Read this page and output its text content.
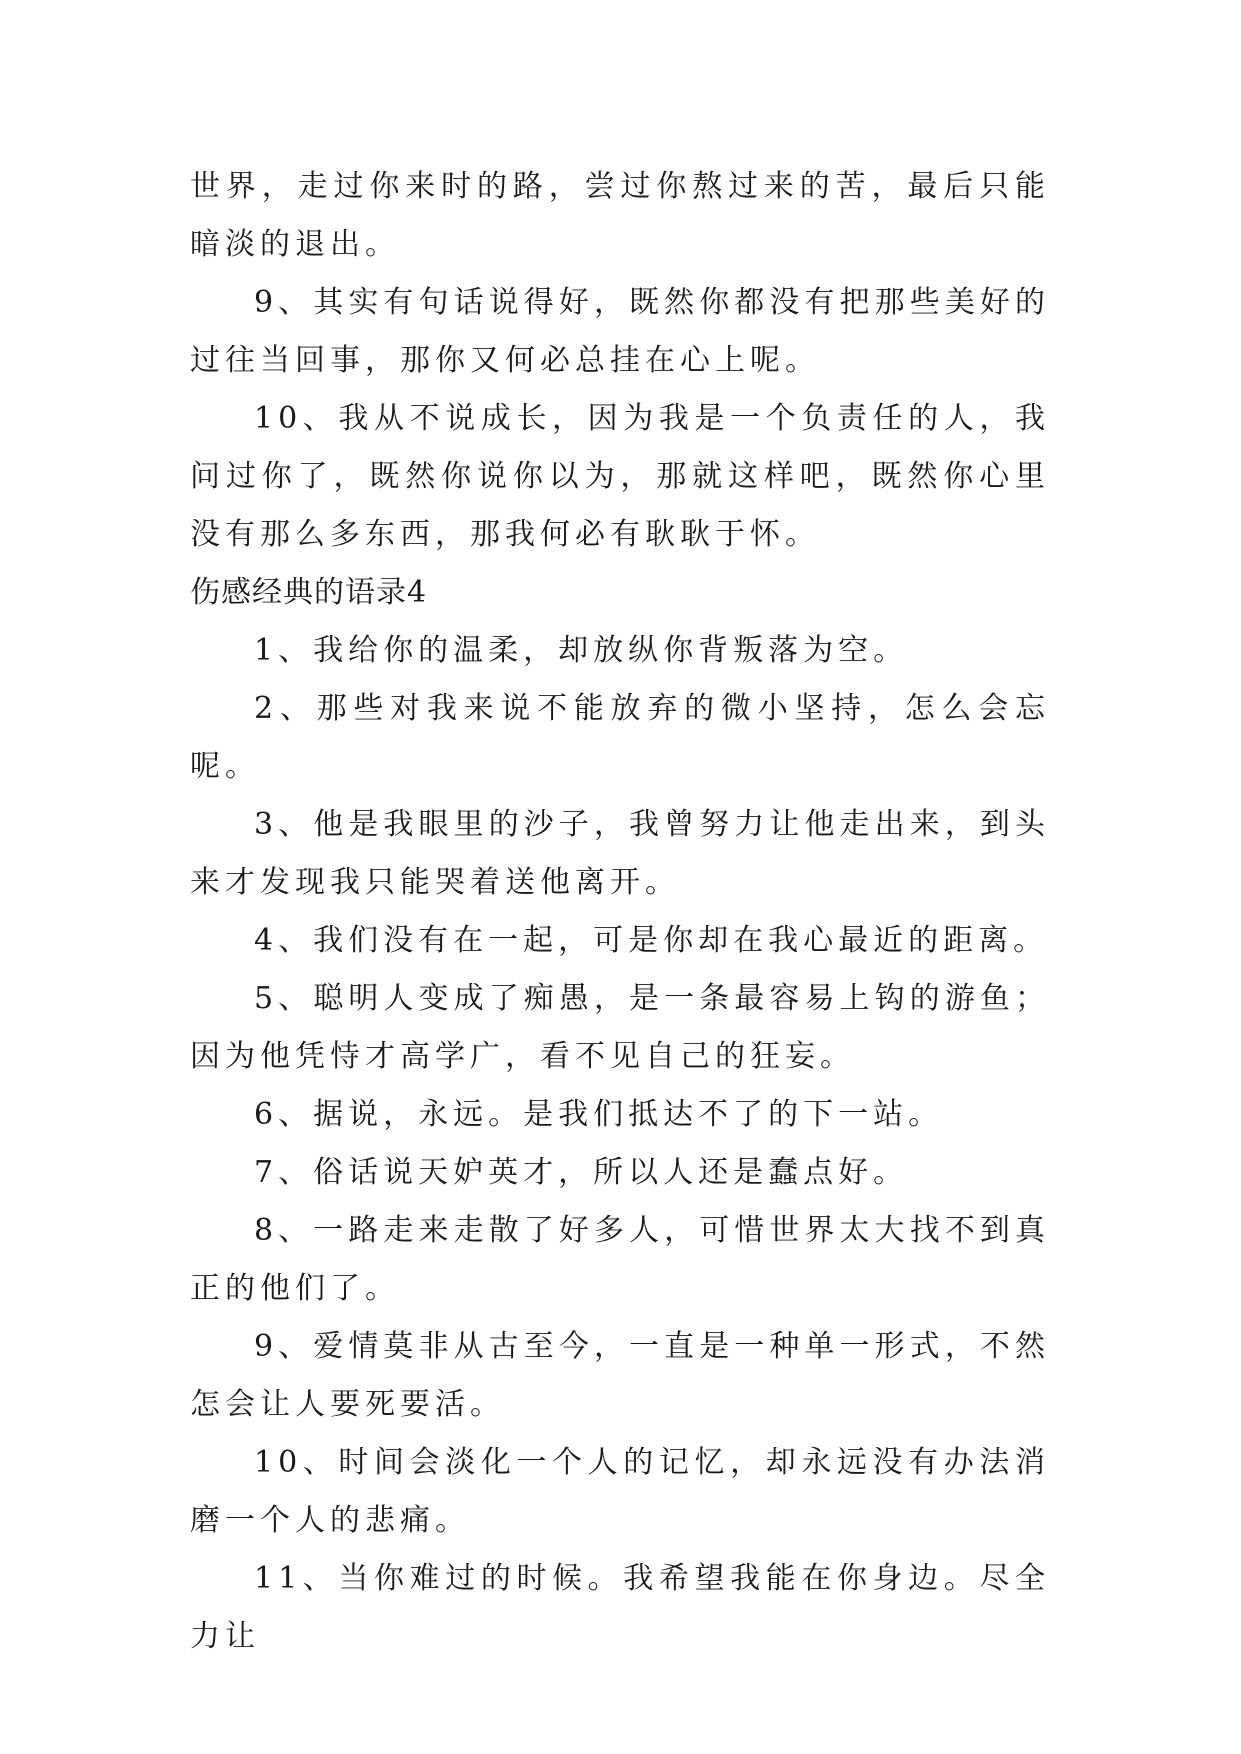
世界，走过你来时的路，尝过你熬过来的苦，最后只能暗淡的退出。

9、其实有句话说得好，既然你都没有把那些美好的过往当回事，那你又何必总挂在心上呢。

10、我从不说成长，因为我是一个负责任的人，我问过你了，既然你说你以为，那就这样吧，既然你心里没有那么多东西，那我何必有耿耿于怀。

伤感经典的语录4

1、我给你的温柔，却放纵你背叛落为空。

2、那些对我来说不能放弃的微小坚持，怎么会忘呢。

3、他是我眼里的沙子，我曾努力让他走出来，到头来才发现我只能哭着送他离开。

4、我们没有在一起，可是你却在我心最近的距离。

5、聪明人变成了痴愚，是一条最容易上钩的游鱼；因为他凭恃才高学广，看不见自己的狂妄。

6、据说，永远。是我们抵达不了的下一站。

7、俗话说天妒英才，所以人还是蠢点好。

8、一路走来走散了好多人，可惜世界太大找不到真正的他们了。

9、爱情莫非从古至今，一直是一种单一形式，不然怎会让人要死要活。

10、时间会淡化一个人的记忆，却永远没有办法消磨一个人的悲痛。

11、当你难过的时候。我希望我能在你身边。尽全力让
